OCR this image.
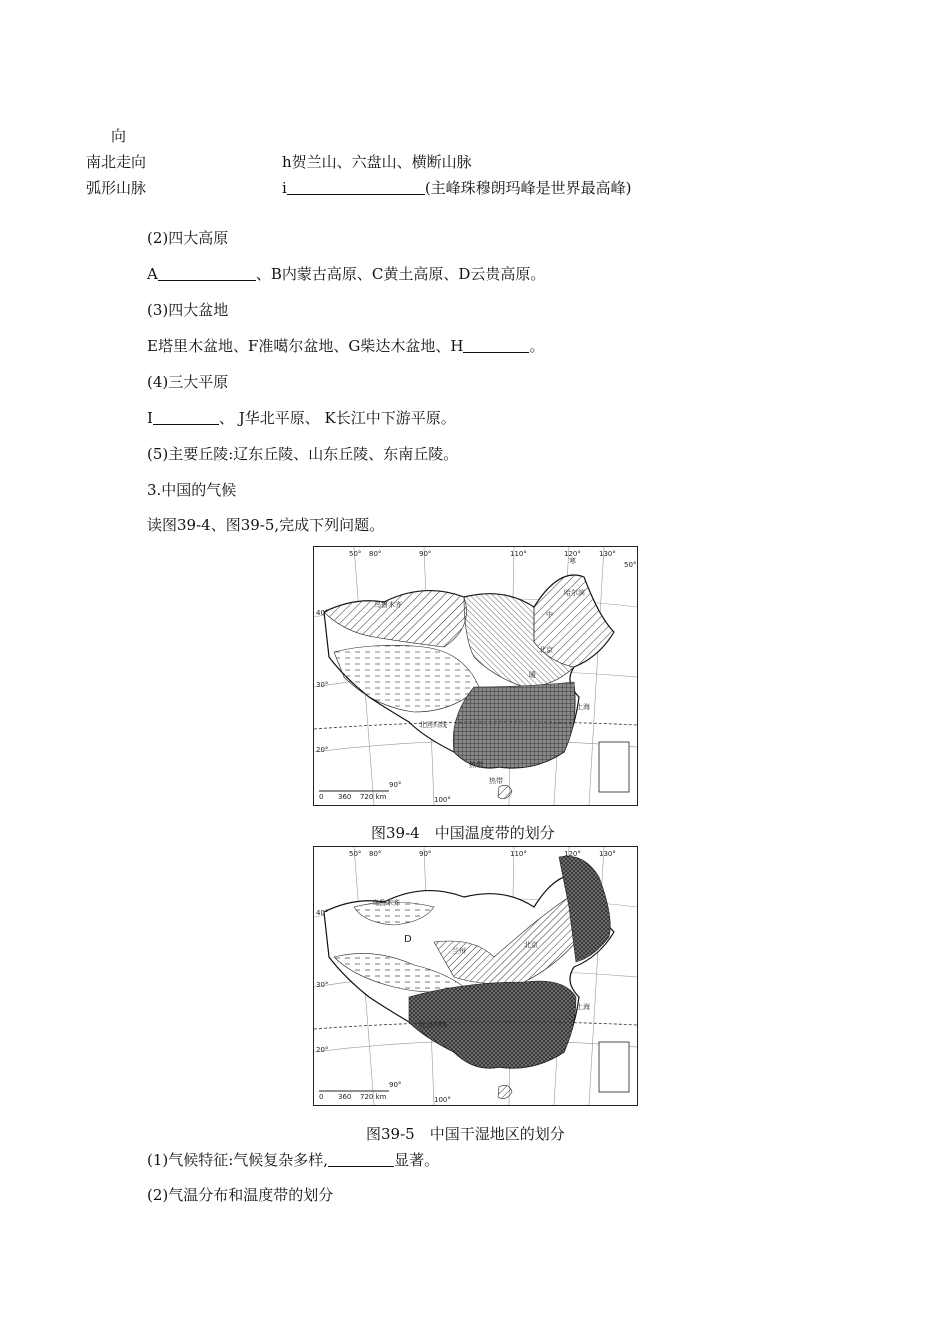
向
南北走向	h贺兰山、六盘山、横断山脉
弧形山脉	i	(主峰珠穆朗玛峰是世界最高峰)
(2)四大高原
A	、B内蒙古高原、C黄土高原、D云贵高原。
(3)四大盆地
E塔里木盆地、F准噶尔盆地、G柴达木盆地、H	。
(4)三大平原
I	、 J华北平原、 K长江中下游平原。
(5)主要丘陵:辽东丘陵、山东丘陵、东南丘陵。
3.中国的气候
读图39-4、图39-5,完成下列问题。
50° 80°	90°	110°	120°	130°
50°
40°
30°
20°
乌鲁木齐
哈尔滨
北京
上海
北回归线
寒
中
暖
热带
热带
0 360 720 km
90°
100°
图39-4　中国温度带的划分
50° 80°	90°	110°	120°	130°
40°
30°
20°
乌鲁木齐
北京
兰州
上海
D
北回归线
0 360 720 km
90°
100°
图39-5　中国干湿地区的划分
(1)气候特征:气候复杂多样,	显著。
(2)气温分布和温度带的划分
